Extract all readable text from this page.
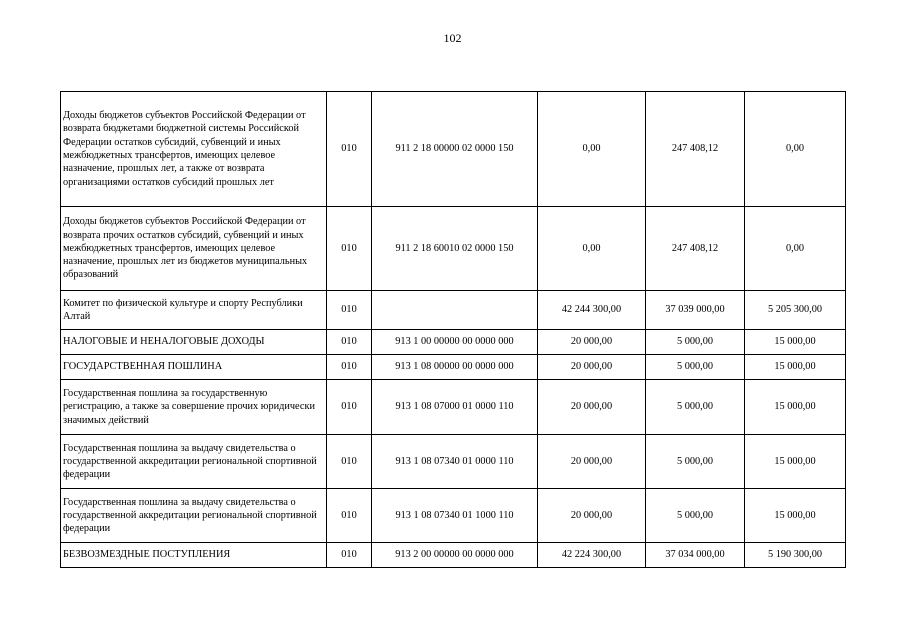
102
Доходы бюджетов субъектов Российской Федерации от возврата бюджетами бюджетной системы Российской Федерации остатков субсидий, субвенций и иных межбюджетных трансфертов, имеющих целевое назначение, прошлых лет, а также от возврата организациями остатков субсидий прошлых лет	010	911 2 18 00000 02 0000 150	0,00	247 408,12	0,00
Доходы бюджетов субъектов Российской Федерации от возврата прочих остатков субсидий, субвенций и иных межбюджетных трансфертов, имеющих целевое назначение, прошлых лет из бюджетов муниципальных образований	010	911 2 18 60010 02 0000 150	0,00	247 408,12	0,00
Комитет по физической культуре и спорту Республики Алтай	010		42 244 300,00	37 039 000,00	5 205 300,00
НАЛОГОВЫЕ И НЕНАЛОГОВЫЕ ДОХОДЫ	010	913 1 00 00000 00 0000 000	20 000,00	5 000,00	15 000,00
ГОСУДАРСТВЕННАЯ ПОШЛИНА	010	913 1 08 00000 00 0000 000	20 000,00	5 000,00	15 000,00
Государственная пошлина за государственную регистрацию, а также за совершение прочих юридически значимых действий	010	913 1 08 07000 01 0000 110	20 000,00	5 000,00	15 000,00
Государственная пошлина за выдачу свидетельства о государственной аккредитации региональной спортивной федерации	010	913 1 08 07340 01 0000 110	20 000,00	5 000,00	15 000,00
Государственная пошлина за выдачу свидетельства о государственной аккредитации региональной спортивной федерации	010	913 1 08 07340 01 1000 110	20 000,00	5 000,00	15 000,00
БЕЗВОЗМЕЗДНЫЕ ПОСТУПЛЕНИЯ	010	913 2 00 00000 00 0000 000	42 224 300,00	37 034 000,00	5 190 300,00
